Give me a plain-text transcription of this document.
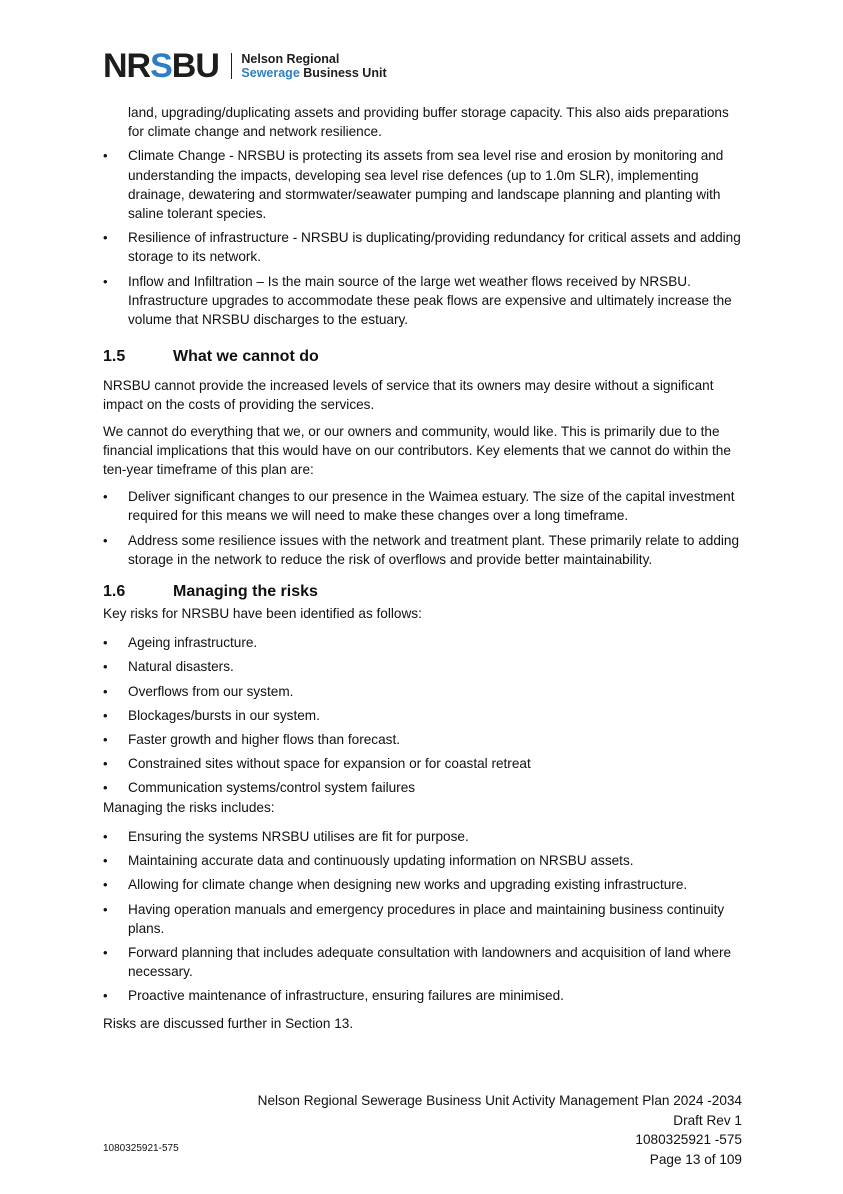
NR S BU Nelson Regional
Sewerage Business Unit
land, upgrading/duplicating assets and providing buffer storage capacity. This also aids preparations for climate change and network resilience.
•	Climate Change - NRSBU is protecting its assets from sea level rise and erosion by monitoring and understanding the impacts, developing sea level rise defences (up to 1.0m SLR), implementing drainage, dewatering and stormwater/seawater pumping and landscape planning and planting with saline tolerant species.
•	Resilience of infrastructure - NRSBU is duplicating/providing redundancy for critical assets and adding storage to its network.
•	Inflow and Infiltration – Is the main source of the large wet weather flows received by NRSBU. Infrastructure upgrades to accommodate these peak flows are expensive and ultimately increase the volume that NRSBU discharges to the estuary.
1.5	What we cannot do

NRSBU cannot provide the increased levels of service that its owners may desire without a significant impact on the costs of providing the services.

We cannot do everything that we, or our owners and community, would like. This is primarily due to the financial implications that this would have on our contributors. Key elements that we cannot do within the ten-year timeframe of this plan are:

•	Deliver significant changes to our presence in the Waimea estuary. The size of the capital investment required for this means we will need to make these changes over a long timeframe.
•	Address some resilience issues with the network and treatment plant. These primarily relate to adding storage in the network to reduce the risk of overflows and provide better maintainability.
1.6	Managing the risks

Key risks for NRSBU have been identified as follows:

•	Ageing infrastructure.
•	Natural disasters.
•	Overflows from our system.
•	Blockages/bursts in our system.
•	Faster growth and higher flows than forecast.
•	Constrained sites without space for expansion or for coastal retreat
•	Communication systems/control system failures

Managing the risks includes:

•	Ensuring the systems NRSBU utilises are fit for purpose.
•	Maintaining accurate data and continuously updating information on NRSBU assets.
•	Allowing for climate change when designing new works and upgrading existing infrastructure.
•	Having operation manuals and emergency procedures in place and maintaining business continuity plans.
•	Forward planning that includes adequate consultation with landowners and acquisition of land where necessary.
•	Proactive maintenance of infrastructure, ensuring failures are minimised.

Risks are discussed further in Section 13.

Nelson Regional Sewerage Business Unit Activity Management Plan 2024 -2034
Draft Rev 1
1080325921 -575
Page 13 of 109
1080325921-575
